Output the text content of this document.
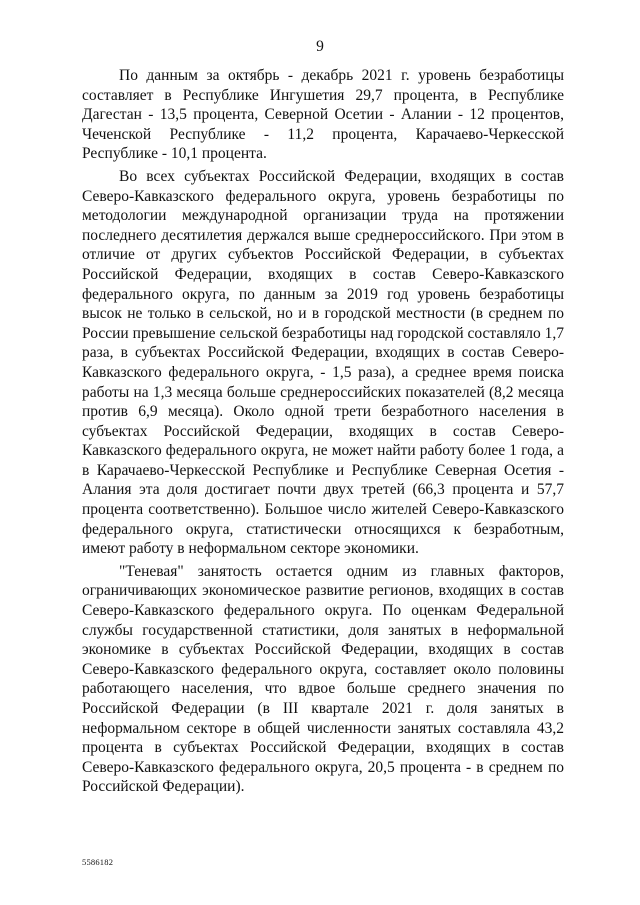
9

По данным за октябрь - декабрь 2021 г. уровень безработицы составляет в Республике Ингушетия 29,7 процента, в Республике Дагестан - 13,5 процента, Северной Осетии - Алании - 12 процентов, Чеченской Республике - 11,2 процента, Карачаево-Черкесской Республике - 10,1 процента.

Во всех субъектах Российской Федерации, входящих в состав Северо-Кавказского федерального округа, уровень безработицы по методологии международной организации труда на протяжении последнего десятилетия держался выше среднероссийского. При этом в отличие от других субъектов Российской Федерации, в субъектах Российской Федерации, входящих в состав Северо-Кавказского федерального округа, по данным за 2019 год уровень безработицы высок не только в сельской, но и в городской местности (в среднем по России превышение сельской безработицы над городской составляло 1,7 раза, в субъектах Российской Федерации, входящих в состав Северо-Кавказского федерального округа, - 1,5 раза), а среднее время поиска работы на 1,3 месяца больше среднероссийских показателей (8,2 месяца против 6,9 месяца). Около одной трети безработного населения в субъектах Российской Федерации, входящих в состав Северо-Кавказского федерального округа, не может найти работу более 1 года, а в Карачаево-Черкесской Республике и Республике Северная Осетия - Алания эта доля достигает почти двух третей (66,3 процента и 57,7 процента соответственно). Большое число жителей Северо-Кавказского федерального округа, статистически относящихся к безработным, имеют работу в неформальном секторе экономики.

"Теневая" занятость остается одним из главных факторов, ограничивающих экономическое развитие регионов, входящих в состав Северо-Кавказского федерального округа. По оценкам Федеральной службы государственной статистики, доля занятых в неформальной экономике в субъектах Российской Федерации, входящих в состав Северо-Кавказского федерального округа, составляет около половины работающего населения, что вдвое больше среднего значения по Российской Федерации (в III квартале 2021 г. доля занятых в неформальном секторе в общей численности занятых составляла 43,2 процента в субъектах Российской Федерации, входящих в состав Северо-Кавказского федерального округа, 20,5 процента - в среднем по Российской Федерации).

5586182
